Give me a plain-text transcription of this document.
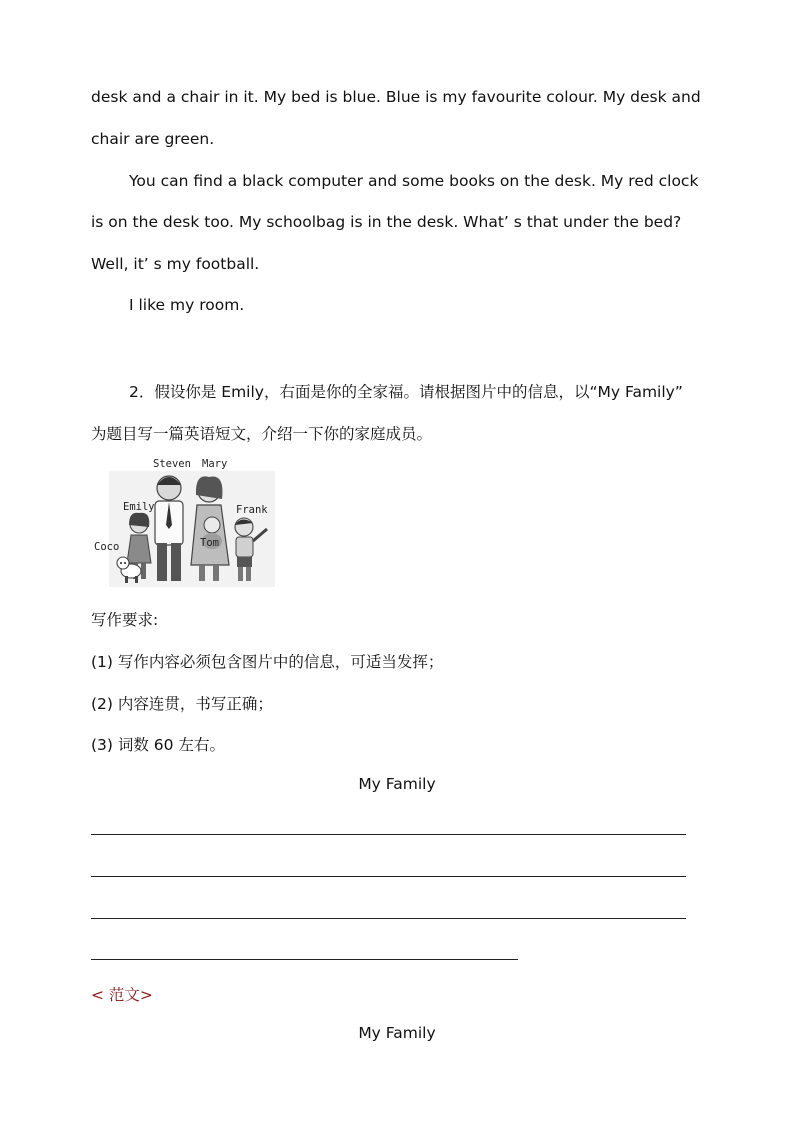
desk and a chair in it. My bed is blue. Blue is my favourite colour. My desk and
chair are green.
You can find a black computer and some books on the desk. My red clock
is on the desk too. My schoolbag is in the desk. What’ s that under the bed?
Well, it’ s my football.
I like my room.
2．假设你是 Emily，右面是你的全家福。请根据图片中的信息，以“My Family”
为题目写一篇英语短文，介绍一下你的家庭成员。
Steven Mary
Emily	Frank
Coco	Tom
写作要求:
(1) 写作内容必须包含图片中的信息，可适当发挥；
(2) 内容连贯，书写正确；
(3) 词数 60 左右。
My Family
< 范文>
My Family
